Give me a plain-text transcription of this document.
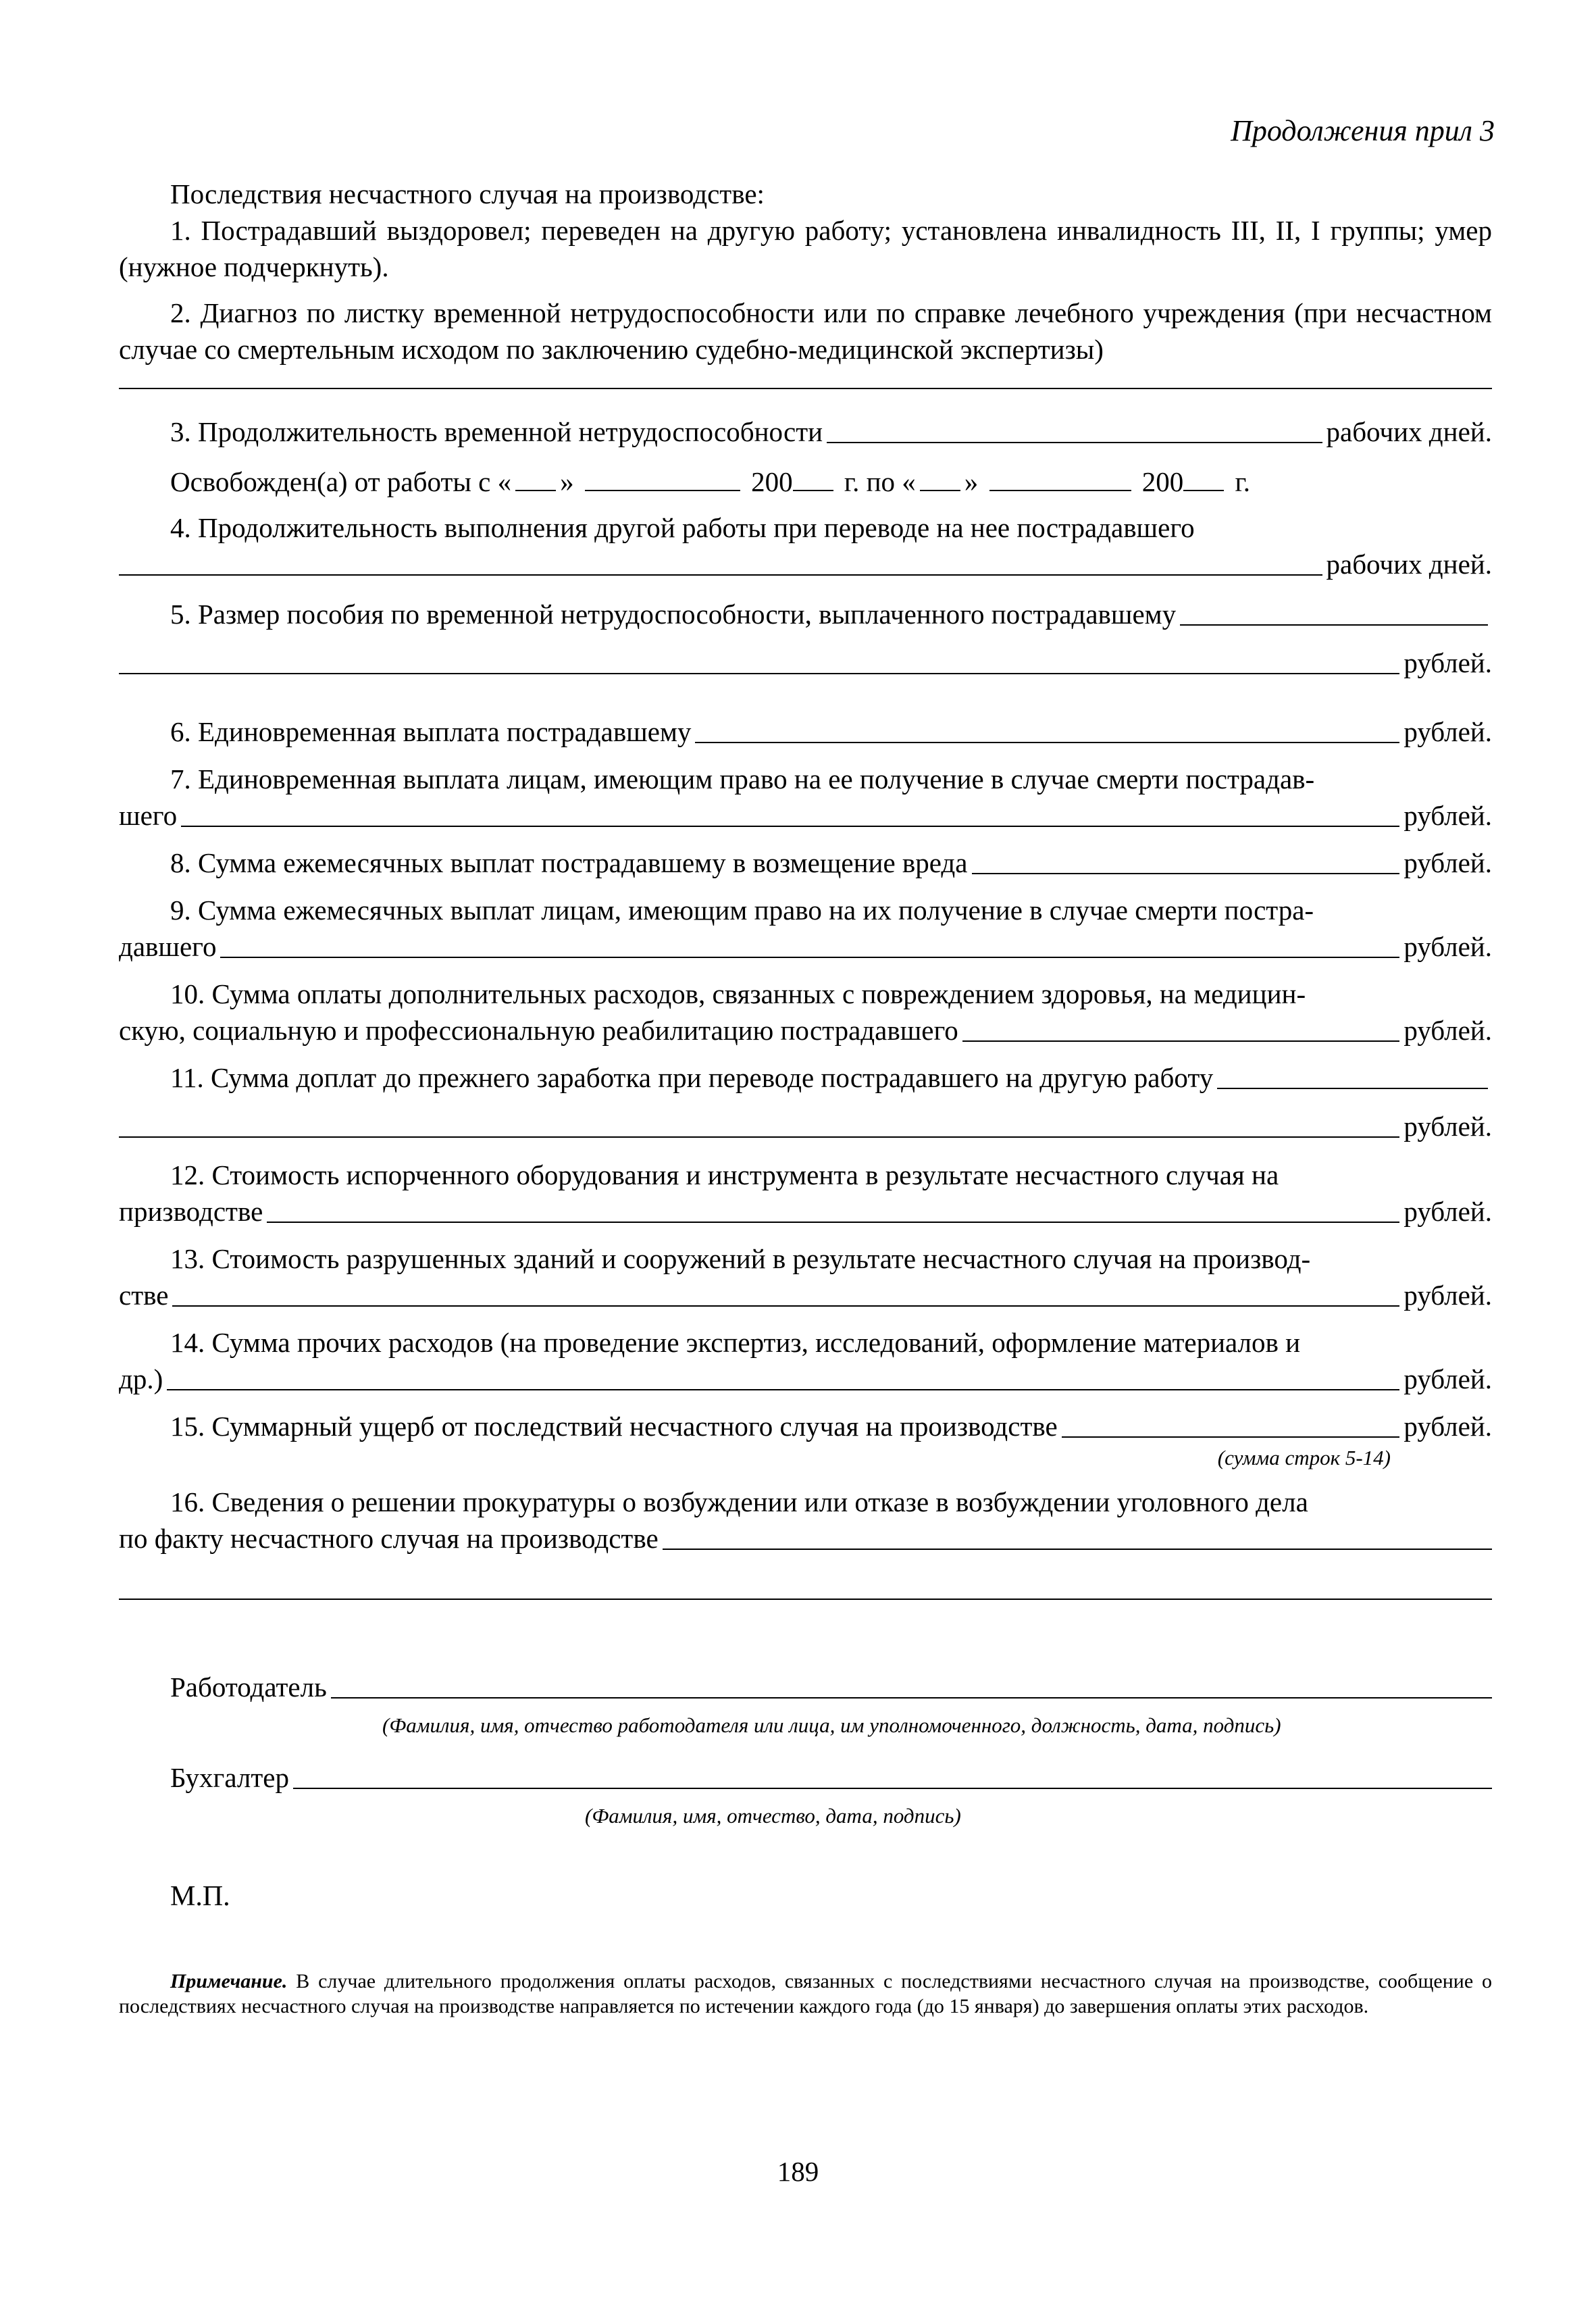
Продолжения прил 3

Последствия несчастного случая на производстве:

1. Пострадавший выздоровел; переведен на другую работу; установлена инвалидность III, II, I группы; умер (нужное подчеркнуть).

2. Диагноз по листку временной нетрудоспособности или по справке лечебного учреждения (при несчастном случае со смертельным исходом по заключению судебно-медицинской экспертизы)

3. Продолжительность временной нетрудоспособности	рабочих дней.
Освобожден(а) от работы с « »	200 г. по « »	200 г.

4. Продолжительность выполнения другой работы при переводе на нее пострадавшего

рабочих дней.
5. Размер пособия по временной нетрудоспособности, выплаченного пострадавшему
рублей.
6. Единовременная выплата пострадавшему	рублей.

7. Единовременная выплата лицам, имеющим право на ее получение в случае смерти пострадав-

шего	рублей.
8. Сумма ежемесячных выплат пострадавшему в возмещение вреда	рублей.

9. Сумма ежемесячных выплат лицам, имеющим право на их получение в случае смерти постра-

давшего	рублей.

10. Сумма оплаты дополнительных расходов, связанных с повреждением здоровья, на медицин-

скую, социальную и профессиональную реабилитацию пострадавшего	рублей.
11. Сумма доплат до прежнего заработка при переводе пострадавшего на другую работу
рублей.

12. Стоимость испорченного оборудования и инструмента в результате несчастного случая на

призводстве	рублей.

13. Стоимость разрушенных зданий и сооружений в результате несчастного случая на производ-

стве	рублей.

14. Сумма прочих расходов (на проведение экспертиз, исследований, оформление материалов и

др.)	рублей.
15. Суммарный ущерб от последствий несчастного случая на производстве	рублей.
(сумма строк 5-14)

16. Сведения о решении прокуратуры о возбуждении или отказе в возбуждении уголовного дела

по факту несчастного случая на производстве
Работодатель
(Фамилия, имя, отчество работодателя или лица, им уполномоченного, должность, дата, подпись)
Бухгалтер
(Фамилия, имя, отчество, дата, подпись)
М.П.

Примечание. В случае длительного продолжения оплаты расходов, связанных с последствиями несчастного случая на производстве, сообщение о последствиях несчастного случая на производстве направляется по истечении каждого года (до 15 января) до завершения оплаты этих расходов.

189
